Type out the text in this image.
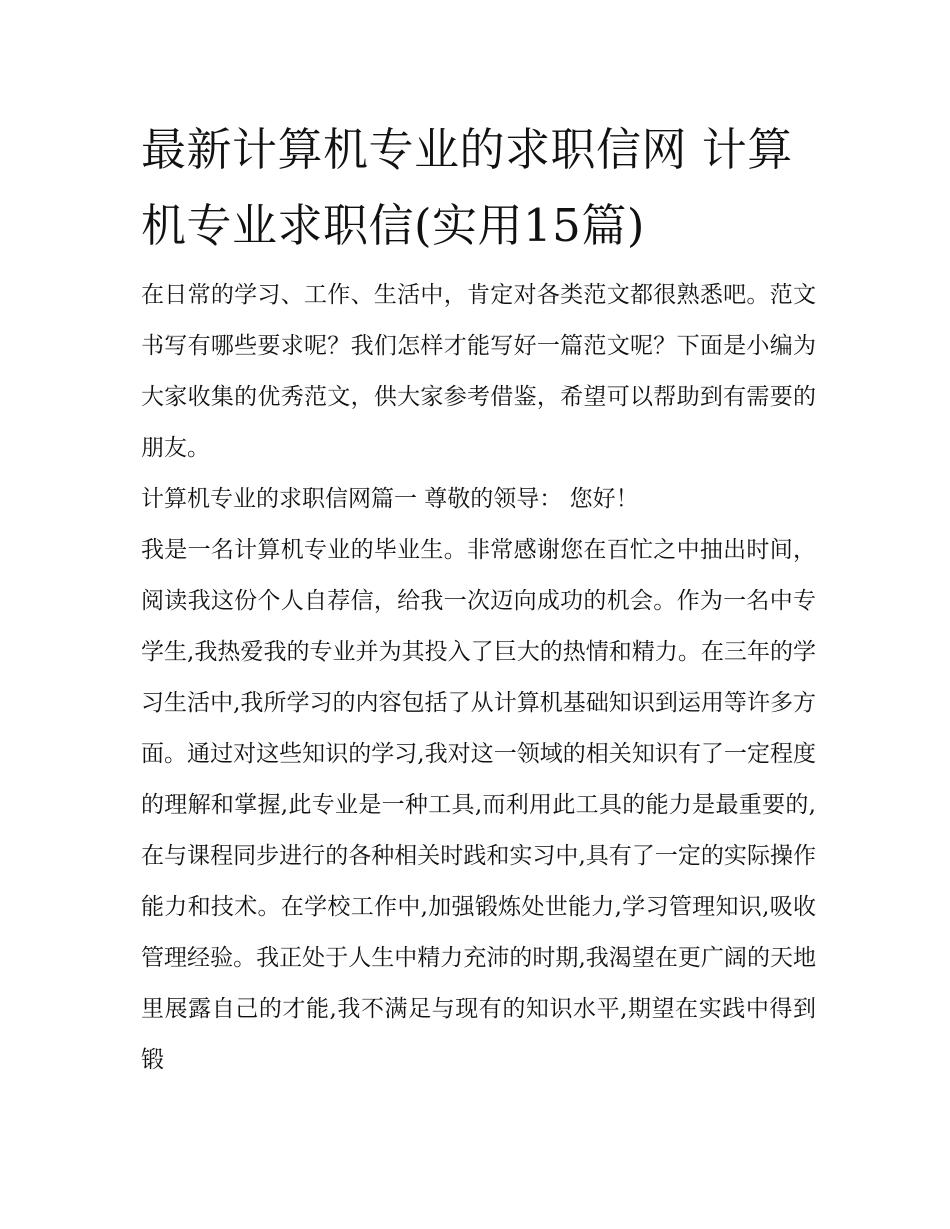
最新计算机专业的求职信网 计算机专业求职信(实用15篇)

在日常的学习、工作、生活中，肯定对各类范文都很熟悉吧。范文书写有哪些要求呢？我们怎样才能写好一篇范文呢？下面是小编为大家收集的优秀范文，供大家参考借鉴，希望可以帮助到有需要的朋友。

计算机专业的求职信网篇一 尊敬的领导： 您好！

我是一名计算机专业的毕业生。非常感谢您在百忙之中抽出时间，阅读我这份个人自荐信，给我一次迈向成功的机会。作为一名中专学生,我热爱我的专业并为其投入了巨大的热情和精力。在三年的学习生活中,我所学习的内容包括了从计算机基础知识到运用等许多方面。通过对这些知识的学习,我对这一领域的相关知识有了一定程度的理解和掌握,此专业是一种工具,而利用此工具的能力是最重要的,在与课程同步进行的各种相关时践和实习中,具有了一定的实际操作能力和技术。在学校工作中,加强锻炼处世能力,学习管理知识,吸收管理经验。我正处于人生中精力充沛的时期,我渴望在更广阔的天地里展露自己的才能,我不满足与现有的知识水平,期望在实践中得到锻
